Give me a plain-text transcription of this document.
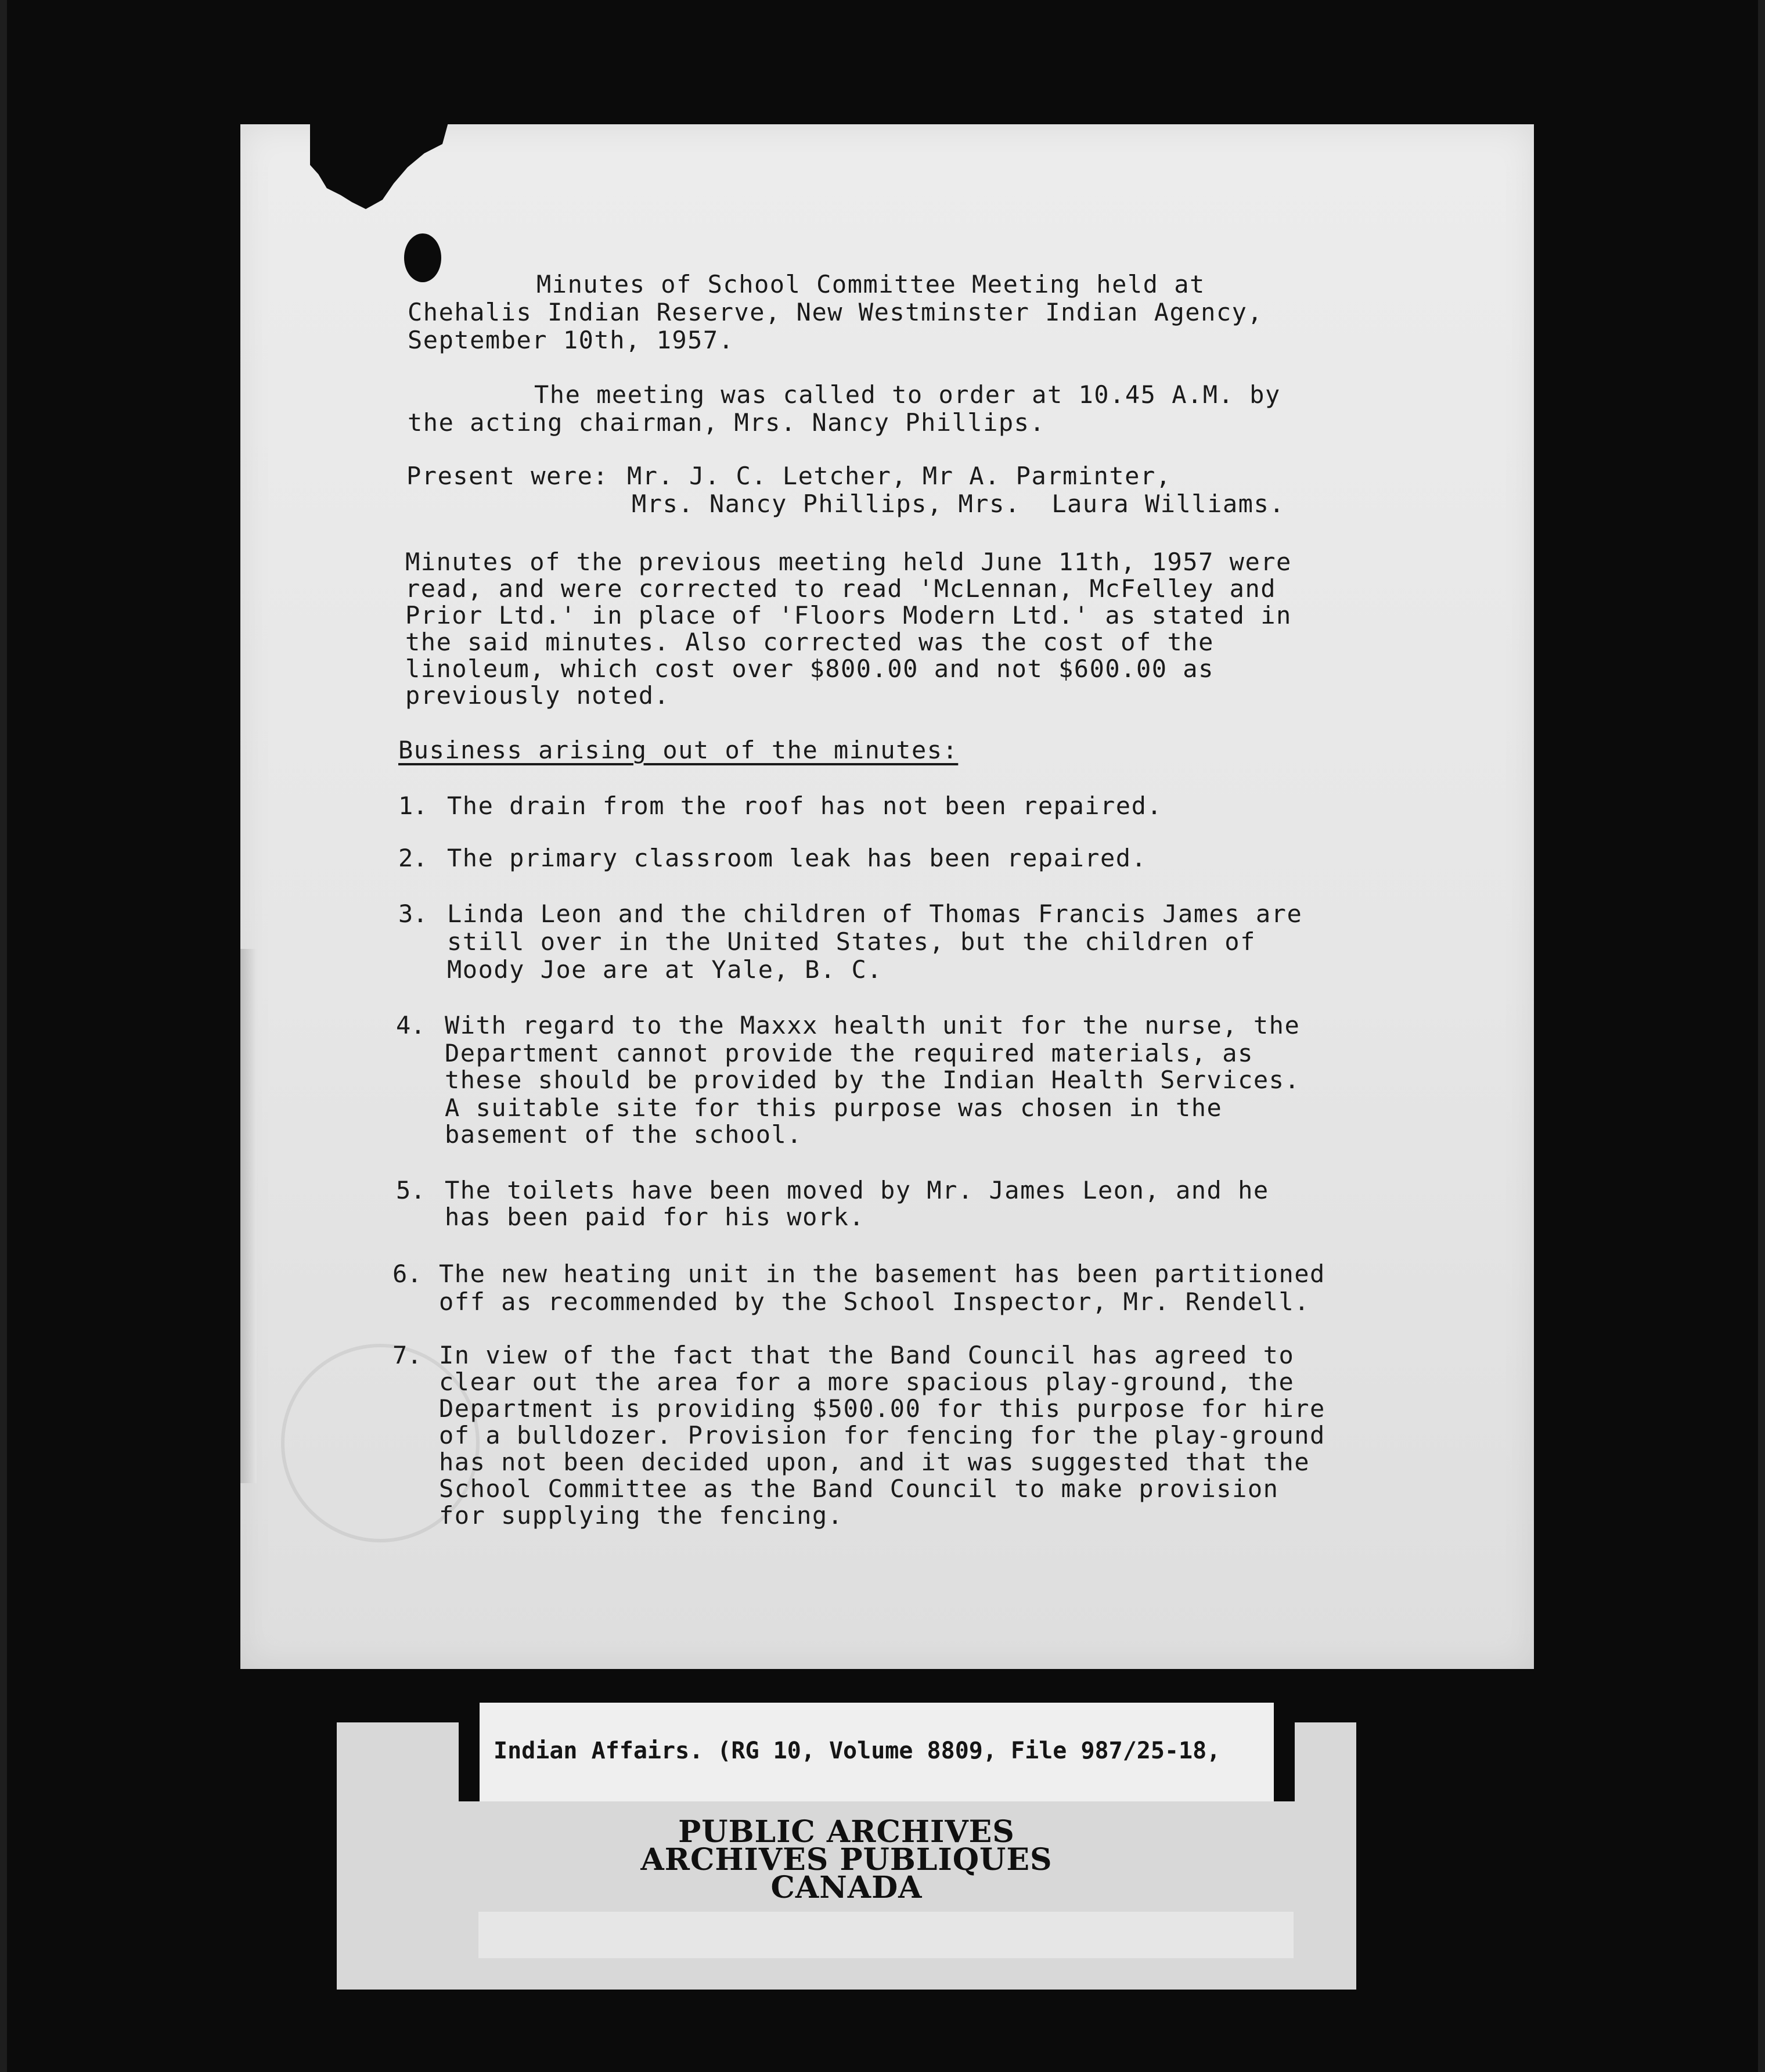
Minutes of School Committee Meeting held at
Chehalis Indian Reserve, New Westminster Indian Agency,
September 10th, 1957.
The meeting was called to order at 10.45 A.M. by
the acting chairman, Mrs. Nancy Phillips.
Present were: Mr. J. C. Letcher, Mr A. Parminter,
Mrs. Nancy Phillips, Mrs.  Laura Williams.
Minutes of the previous meeting held June 11th, 1957 were
read, and were corrected to read 'McLennan, McFelley and
Prior Ltd.' in place of 'Floors Modern Ltd.' as stated in
the said minutes. Also corrected was the cost of the
linoleum, which cost over $800.00 and not $600.00 as
previously noted.
Business arising out of the minutes:
1. The drain from the roof has not been repaired.
2. The primary classroom leak has been repaired.
3. Linda Leon and the children of Thomas Francis James are
still over in the United States, but the children of
Moody Joe are at Yale, B. C.
4. With regard to the Maxxx health unit for the nurse, the
Department cannot provide the required materials, as
these should be provided by the Indian Health Services.
A suitable site for this purpose was chosen in the
basement of the school.
5. The toilets have been moved by Mr. James Leon, and he
has been paid for his work.
6. The new heating unit in the basement has been partitioned
off as recommended by the School Inspector, Mr. Rendell.
7. In view of the fact that the Band Council has agreed to
clear out the area for a more spacious play-ground, the
Department is providing $500.00 for this purpose for hire
of a bulldozer. Provision for fencing for the play-ground
has not been decided upon, and it was suggested that the
School Committee as the Band Council to make provision
for supplying the fencing.
Indian Affairs. (RG 10, Volume 8809, File 987/25-18,
PUBLIC ARCHIVES
ARCHIVES PUBLIQUES
CANADA
